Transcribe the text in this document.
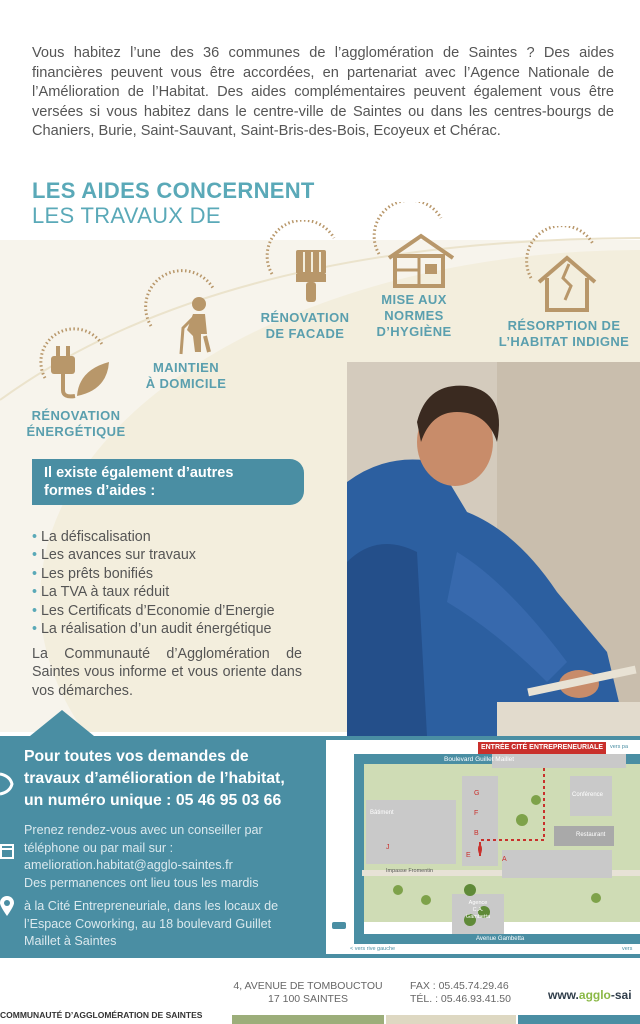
Vous habitez l’une des 36 communes de l’agglomération de Saintes ? Des aides financières peuvent vous être accordées, en partenariat avec l’Agence Nationale de l’Amélioration de l’Habitat. Des aides complémentaires peuvent également vous être versées si vous habitez dans le centre-ville de Saintes ou dans les centres-bourgs de Chaniers, Burie, Saint-Sauvant, Saint-Bris-des-Bois, Ecoyeux et Chérac.
LES AIDES CONCERNENT
LES TRAVAUX DE
RÉNOVATION
ÉNERGÉTIQUE
MAINTIEN
À DOMICILE
RÉNOVATION
DE FACADE
MISE AUX
NORMES
D’HYGIÈNE	RÉSORPTION DE
L’HABITAT INDIGNE
Il existe également d’autres
formes d’aides :
• La défiscalisation
• Les avances sur travaux
• Les prêts bonifiés
• La TVA à taux réduit
• Les Certificats d’Economie d’Energie
• La réalisation d’un audit énergétique
La Communauté d’Agglomération de Saintes vous informe et vous oriente dans vos démarches.
Pour toutes vos demandes de
travaux d’amélioration de l’habitat,
un numéro unique : 05 46 95 03 66
Prenez rendez-vous avec un conseiller par
téléphone ou par mail sur :
amelioration.habitat@agglo-saintes.fr
Des permanences ont lieu tous les mardis
à la Cité Entrepreneuriale, dans les locaux de
l’Espace Coworking, au 18 boulevard Guillet
Maillet à Saintes
ENTRÉE CITÉ ENTREPRENEURIALE
Boulevard Guillet Maillet
vers pa
Rue Eugène Fromentin	Impasse Fromentin
Avenue Gambetta
< vers rive gauche	vers
Bâtiment
Conférence
Restaurant
Agence
C.A.
Gambetta
G
F
B
J
E
A
4, AVENUE DE TOMBOUCTOU
17 100 SAINTES
FAX : 05.45.74.29.46
TÉL. : 05.46.93.41.50	www.agglo-sai
COMMUNAUTÉ D’AGGLOMÉRATION DE SAINTES
